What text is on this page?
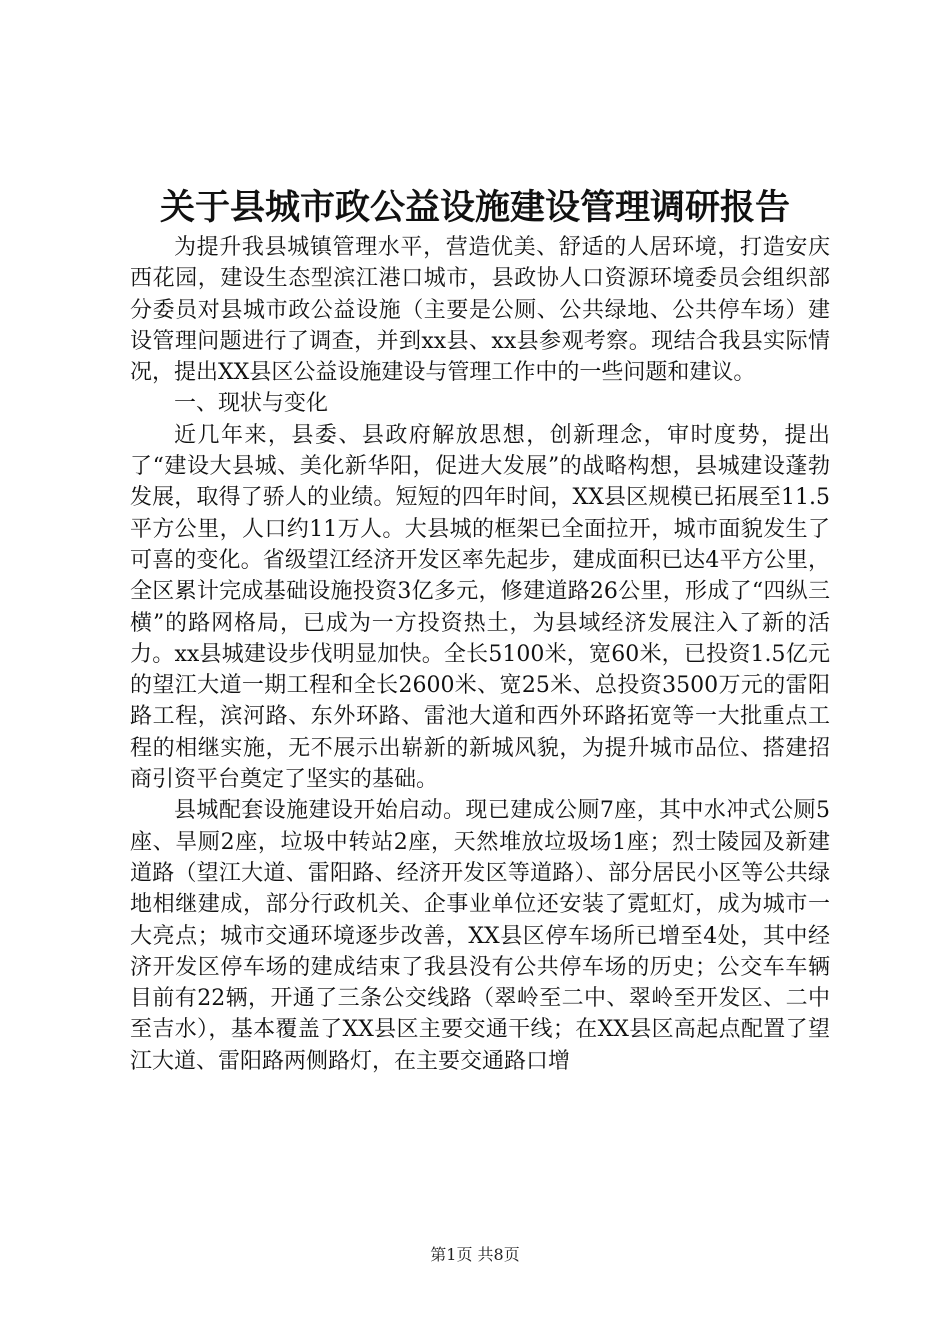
关于县城市政公益设施建设管理调研报告

为提升我县城镇管理水平，营造优美、舒适的人居环境，打造安庆西花园，建设生态型滨江港口城市，县政协人口资源环境委员会组织部分委员对县城市政公益设施（主要是公厕、公共绿地、公共停车场）建设管理问题进行了调查，并到xx县、xx县参观考察。现结合我县实际情况，提出XX县区公益设施建设与管理工作中的一些问题和建议。

一、现状与变化

近几年来，县委、县政府解放思想，创新理念，审时度势，提出了“建设大县城、美化新华阳，促进大发展”的战略构想，县城建设蓬勃发展，取得了骄人的业绩。短短的四年时间，XX县区规模已拓展至11.5平方公里，人口约11万人。大县城的框架已全面拉开，城市面貌发生了可喜的变化。省级望江经济开发区率先起步，建成面积已达4平方公里，全区累计完成基础设施投资3亿多元，修建道路26公里，形成了“四纵三横”的路网格局，已成为一方投资热土，为县域经济发展注入了新的活力。xx县城建设步伐明显加快。全长5100米，宽60米，已投资1.5亿元的望江大道一期工程和全长2600米、宽25米、总投资3500万元的雷阳路工程，滨河路、东外环路、雷池大道和西外环路拓宽等一大批重点工程的相继实施，无不展示出崭新的新城风貌，为提升城市品位、搭建招商引资平台奠定了坚实的基础。

县城配套设施建设开始启动。现已建成公厕7座，其中水冲式公厕5座、旱厕2座，垃圾中转站2座，天然堆放垃圾场1座；烈士陵园及新建道路（望江大道、雷阳路、经济开发区等道路）、部分居民小区等公共绿地相继建成，部分行政机关、企事业单位还安装了霓虹灯，成为城市一大亮点；城市交通环境逐步改善，XX县区停车场所已增至4处，其中经济开发区停车场的建成结束了我县没有公共停车场的历史；公交车车辆目前有22辆，开通了三条公交线路（翠岭至二中、翠岭至开发区、二中至吉水），基本覆盖了XX县区主要交通干线；在XX县区高起点配置了望江大道、雷阳路两侧路灯，在主要交通路口增

第1页 共8页
